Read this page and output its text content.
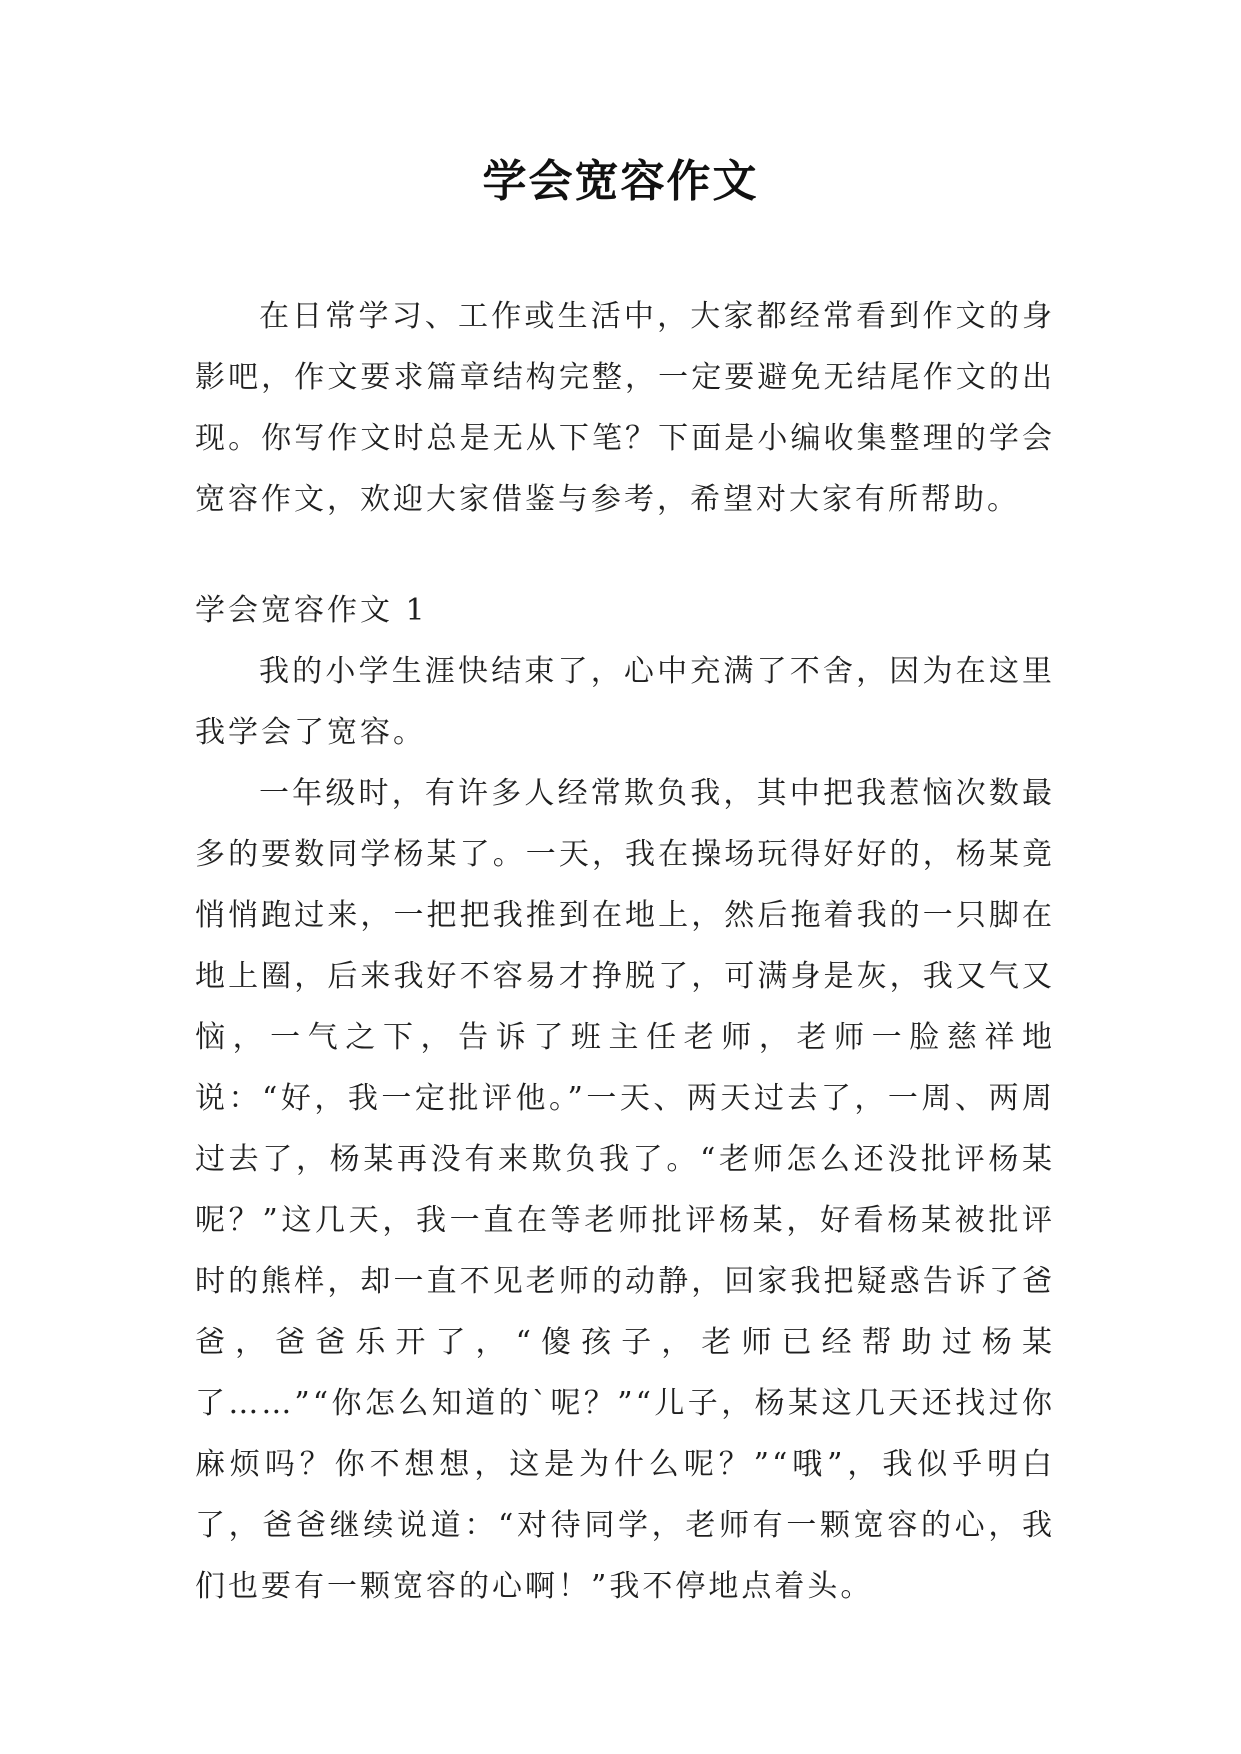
学会宽容作文
在日常学习、工作或生活中，大家都经常看到作文的身影吧，作文要求篇章结构完整，一定要避免无结尾作文的出现。你写作文时总是无从下笔？下面是小编收集整理的学会宽容作文，欢迎大家借鉴与参考，希望对大家有所帮助。

学会宽容作文 1

我的小学生涯快结束了，心中充满了不舍，因为在这里我学会了宽容。

一年级时，有许多人经常欺负我，其中把我惹恼次数最多的要数同学杨某了。一天，我在操场玩得好好的，杨某竟悄悄跑过来，一把把我推到在地上，然后拖着我的一只脚在地上圈，后来我好不容易才挣脱了，可满身是灰，我又气又恼，一气之下，告诉了班主任老师，老师一脸慈祥地说：“好，我一定批评他。”一天、两天过去了，一周、两周过去了，杨某再没有来欺负我了。“老师怎么还没批评杨某呢？”这几天，我一直在等老师批评杨某，好看杨某被批评时的熊样，却一直不见老师的动静，回家我把疑惑告诉了爸爸，爸爸乐开了，“傻孩子，老师已经帮助过杨某了……”“你怎么知道的`呢？”“儿子，杨某这几天还找过你麻烦吗？你不想想，这是为什么呢？”“哦”，我似乎明白了，爸爸继续说道：“对待同学，老师有一颗宽容的心，我们也要有一颗宽容的心啊！”我不停地点着头。
